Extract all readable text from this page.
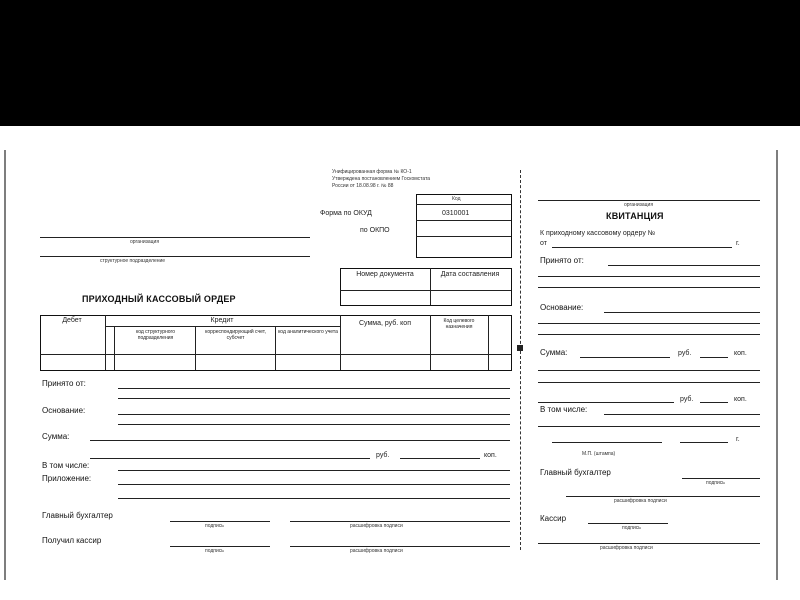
Унифицированная форма № КО-1
Утверждена постановлением Госкомстата
России от 18.08.98 г. № 88
Код
0310001
Форма по ОКУД
по ОКПО
организация
структурное подразделение
Номер документа	Дата составления
ПРИХОДНЫЙ КАССОВЫЙ ОРДЕР
Дебет	Кредит
код структурного подразделения
корреспондирующий счет, субсчет
код аналитического учета
Сумма, руб. коп	Код целевого назначения
Принято от:
Основание:
Сумма:
руб.	коп.
В том числе:
Приложение:
Главный бухгалтер
подпись	расшифровка подписи
Получил кассир
подпись	расшифровка подписи
организация
КВИТАНЦИЯ
К приходному кассовому ордеру №
от	г.
Принято от:
Основание:
Сумма:	руб.	коп.
руб.	коп.
В том числе:
г.
М.П. (штампа)
Главный бухгалтер
подпись
расшифровка подписи
Кассир
подпись
расшифровка подписи
